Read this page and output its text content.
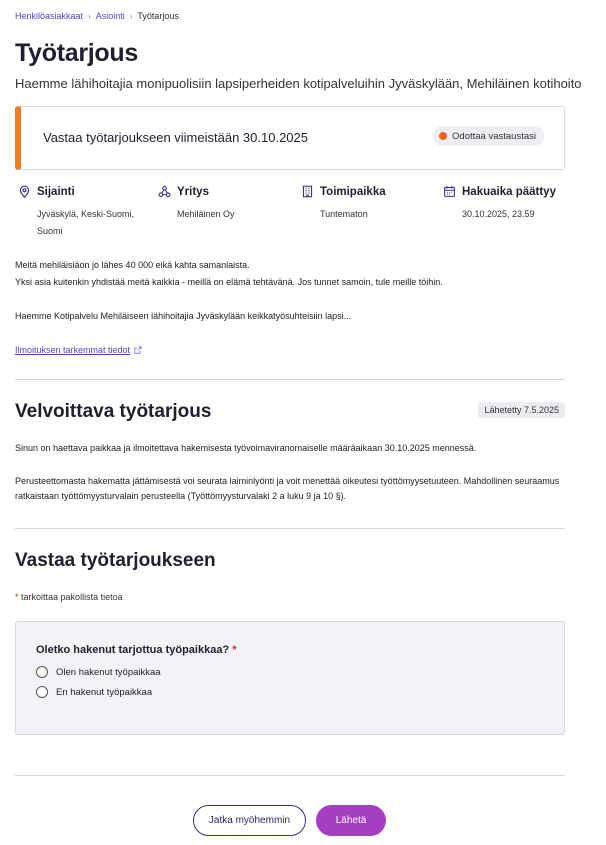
Henkilöasiakkaat › Asiointi › Työtarjous
Työtarjous

Haemme lähihoitajia monipuolisiin lapsiperheiden kotipalveluihin Jyväskylään, Mehiläinen kotihoito

Vastaa työtarjoukseen viimeistään 30.10.2025	Odottaa vastaustasi
Sijainti
Jyväskylä, Keski-Suomi,
Suomi
Yritys
Mehiläinen Oy
Toimipaikka
Tuntematon
Hakuaika päättyy
30.10.2025, 23.59

Meitä mehiläisiäon jo lähes 40 000 eikä kahta samanlaista.

Yksi asia kuitenkin yhdistää meitä kaikkia - meillä on elämä tehtävänä. Jos tunnet samoin, tule meille töihin.

Haemme Kotipalvelu Mehiläiseen lähihoitajia Jyväskylään keikkatyösuhteisiin lapsi...

Ilmoituksen tarkemmat tiedot
Velvoittava työtarjous	Lähetetty 7.5.2025

Sinun on haettava paikkaa ja ilmoitettava hakemisesta työvoimaviranomaiselle määräaikaan 30.10.2025 mennessä.

Perusteettomasta hakematta jättämisestä voi seurata laiminlyönti ja voit menettää oikeutesi työttömyysetuuteen. Mahdollinen seuraamus ratkaistaan työttömyysturvalain perusteella (Työttömyysturvalaki 2 a luku 9 ja 10 §).

Vastaa työtarjoukseen

* tarkoittaa pakollista tietoa

Oletko hakenut tarjottua työpaikkaa? *
Olen hakenut työpaikkaa
En hakenut työpaikkaa
Jatka myöhemmin	Lähetä
